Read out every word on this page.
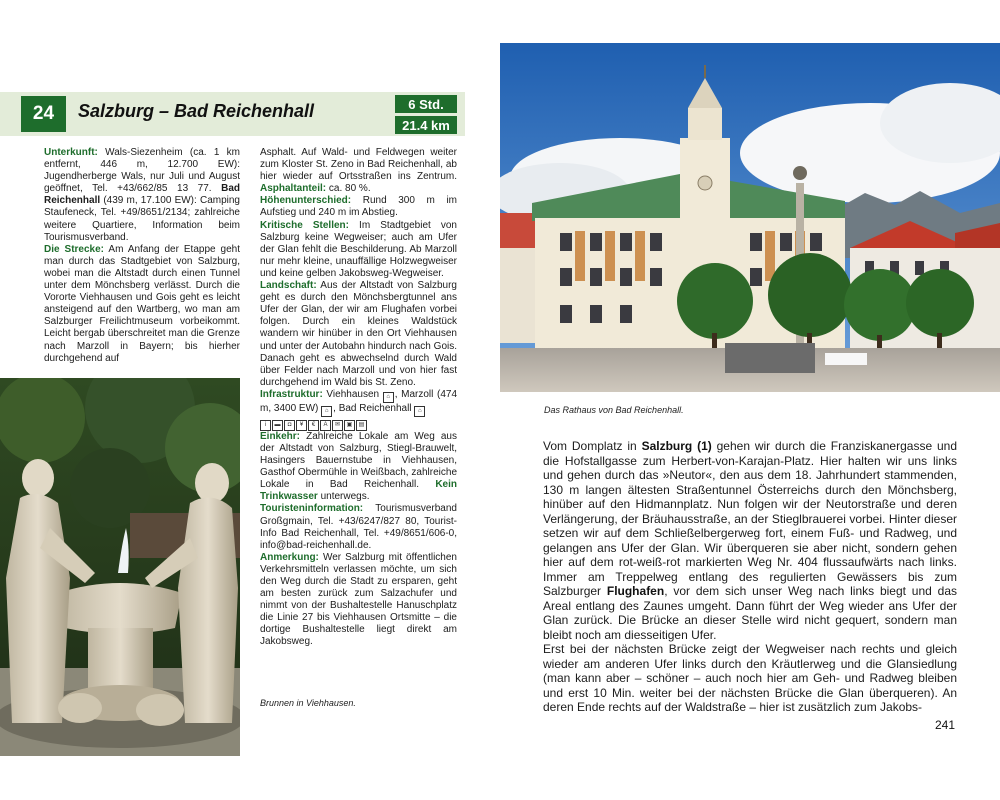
24	Salzburg – Bad Reichenhall	6 Std.
21.4 km

Unterkunft: Wals-Siezenheim (ca. 1 km entfernt, 446 m, 12.700 EW): Jugendherberge Wals, nur Juli und August geöffnet, Tel. +43/662/85 13 77. Bad Reichenhall (439 m, 17.100 EW): Camping Staufeneck, Tel. +49/8651/2134; zahlreiche weitere Quartiere, Information beim Tourismusverband.

Die Strecke: Am Anfang der Etappe geht man durch das Stadtgebiet von Salzburg, wobei man die Altstadt durch einen Tunnel unter dem Mönchsberg verlässt. Durch die Vororte Viehhausen und Gois geht es leicht ansteigend auf den Wartberg, wo man am Salzburger Freilichtmuseum vorbeikommt. Leicht bergab überschreitet man die Grenze nach Marzoll in Bayern; bis hierher durchgehend auf

Asphalt. Auf Wald- und Feldwegen weiter zum Kloster St. Zeno in Bad Reichenhall, ab hier wieder auf Ortsstraßen ins Zentrum. Asphaltanteil: ca. 80 %.

Höhenunterschied: Rund 300 m im Aufstieg und 240 m im Abstieg.

Kritische Stellen: Im Stadtgebiet von Salzburg keine Wegweiser; auch am Ufer der Glan fehlt die Beschilderung. Ab Marzoll nur mehr kleine, unauffällige Holzwegweiser und keine gelben Jakobsweg-Wegweiser.

Landschaft: Aus der Altstadt von Salzburg geht es durch den Mönchsbergtunnel ans Ufer der Glan, der wir am Flughafen vorbei folgen. Durch ein kleines Waldstück wandern wir hinüber in den Ort Viehhausen und unter der Autobahn hindurch nach Gois. Danach geht es abwechselnd durch Wald über Felder nach Marzoll und von hier fast durchgehend im Wald bis St. Zeno.

Infrastruktur: Viehhausen ⌂ , Marzoll (474 m, 3400 EW) ⌂ , Bad Reichenhall ⌂
i ▬ ◘ ¥ € A ✉ ▣ ▤

Einkehr: Zahlreiche Lokale am Weg aus der Altstadt von Salzburg, Stiegl-Brauwelt, Hasingers Bauernstube in Viehhausen, Gasthof Obermühle in Weißbach, zahlreiche Lokale in Bad Reichenhall. Kein Trinkwasser unterwegs.

Touristeninformation: Tourismusverband Großgmain, Tel. +43/6247/827 80, Tourist-Info Bad Reichenhall, Tel. +49/8651/606-0, info@bad-reichenhall.de.

Anmerkung: Wer Salzburg mit öffentlichen Verkehrsmitteln verlassen möchte, um sich den Weg durch die Stadt zu ersparen, geht am besten zurück zum Salzachufer und nimmt von der Bushaltestelle Hanuschplatz die Linie 27 bis Viehhausen Ortsmitte – die dortige Bushaltestelle liegt direkt am Jakobsweg.

Brunnen in Viehhausen.
Das Rathaus von Bad Reichenhall.

Vom Domplatz in Salzburg (1) gehen wir durch die Franziskanergasse und die Hofstallgasse zum Herbert-von-Karajan-Platz. Hier halten wir uns links und gehen durch das »Neutor«, den aus dem 18. Jahrhundert stammenden, 130 m langen ältesten Straßentunnel Österreichs durch den Mönchsberg, hinüber auf den Hidmannplatz. Nun folgen wir der Neutorstraße und deren Verlängerung, der Bräuhausstraße, an der Stieglbrauerei vorbei. Hinter dieser setzen wir auf dem Schließelbergerweg fort, einem Fuß- und Radweg, und gelangen ans Ufer der Glan. Wir überqueren sie aber nicht, sondern gehen hier auf dem rot-weiß-rot markierten Weg Nr. 404 flussaufwärts nach links. Immer am Treppelweg entlang des regulierten Gewässers bis zum Salzburger Flughafen, vor dem sich unser Weg nach links biegt und das Areal entlang des Zaunes umgeht. Dann führt der Weg wieder ans Ufer der Glan zurück. Die Brücke an dieser Stelle wird nicht gequert, sondern man bleibt noch am diesseitigen Ufer.

Erst bei der nächsten Brücke zeigt der Wegweiser nach rechts und gleich wieder am anderen Ufer links durch den Kräutlerweg und die Glansiedlung (man kann aber – schöner – auch noch hier am Geh- und Radweg bleiben und erst 10 Min. weiter bei der nächsten Brücke die Glan überqueren). An deren Ende rechts auf der Waldstraße – hier ist zusätzlich zum Jakobs-

241
